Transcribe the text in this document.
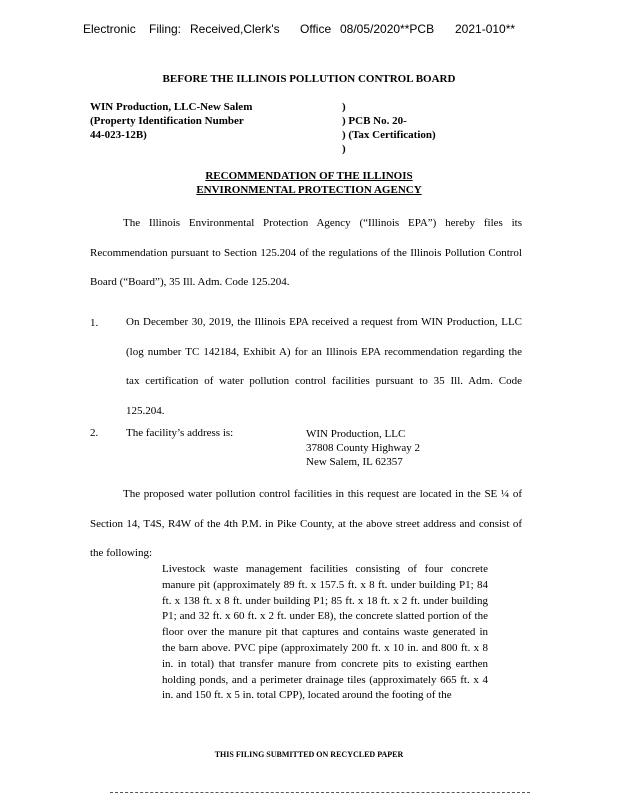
Electronic Filing: Received,Clerk's Office 08/05/2020**PCB 2021-010**
BEFORE THE ILLINOIS POLLUTION CONTROL BOARD
WIN Production, LLC-New Salem
(Property Identification Number
44-023-12B)
)
) PCB No. 20-
) (Tax Certification)
)
RECOMMENDATION OF THE ILLINOIS
ENVIRONMENTAL PROTECTION AGENCY
The Illinois Environmental Protection Agency (“Illinois EPA”) hereby files its Recommendation pursuant to Section 125.204 of the regulations of the Illinois Pollution Control Board (“Board”), 35 Ill. Adm. Code 125.204.
1.	On December 30, 2019, the Illinois EPA received a request from WIN Production, LLC (log number TC 142184, Exhibit A) for an Illinois EPA recommendation regarding the tax certification of water pollution control facilities pursuant to 35 Ill. Adm. Code 125.204.
2.	The facility’s address is:	WIN Production, LLC
37808 County Highway 2
New Salem, IL 62357
The proposed water pollution control facilities in this request are located in the SE ¼ of Section 14, T4S, R4W of the 4th P.M. in Pike County, at the above street address and consist of the following:
Livestock waste management facilities consisting of four concrete manure pit (approximately 89 ft. x 157.5 ft. x 8 ft. under building P1; 84 ft. x 138 ft. x 8 ft. under building P1; 85 ft. x 18 ft. x 2 ft. under building P1; and 32 ft. x 60 ft. x 2 ft. under E8), the concrete slatted portion of the floor over the manure pit that captures and contains waste generated in the barn above. PVC pipe (approximately 200 ft. x 10 in. and 800 ft. x 8 in. in total) that transfer manure from concrete pits to existing earthen holding ponds, and a perimeter drainage tiles (approximately 665 ft. x 4 in. and 150 ft. x 5 in. total CPP), located around the footing of the
THIS FILING SUBMITTED ON RECYCLED PAPER
